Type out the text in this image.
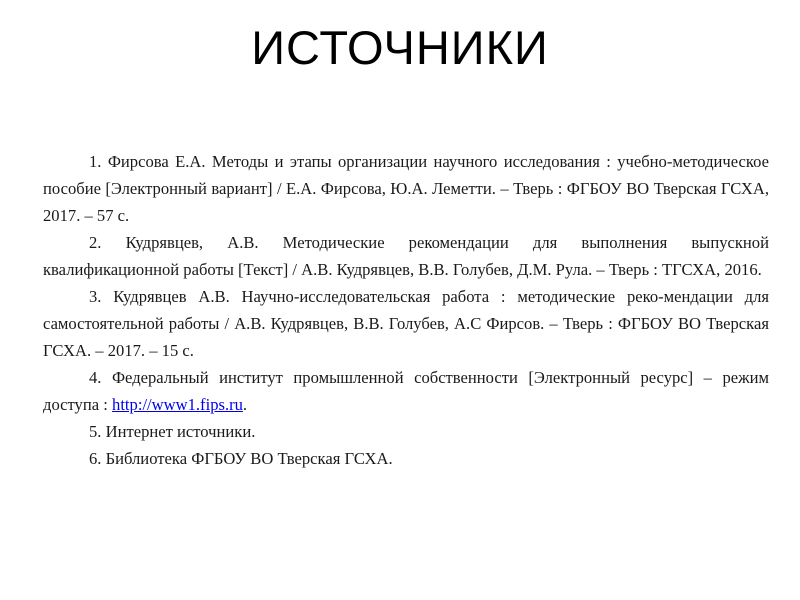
ИСТОЧНИКИ

1. Фирсова Е.А. Методы и этапы организации научного исследования : учебно-методическое пособие [Электронный вариант] / Е.А. Фирсова, Ю.А. Леметти. – Тверь : ФГБОУ ВО Тверская ГСХА, 2017. – 57 с.

2. Кудрявцев, А.В. Методические рекомендации для выполнения выпускной квалификационной работы [Текст] / А.В. Кудрявцев, В.В. Голубев, Д.М. Рула. – Тверь : ТГСХА, 2016.

3. Кудрявцев А.В. Научно-исследовательская работа : методические реко-мендации для самостоятельной работы / А.В. Кудрявцев, В.В. Голубев, А.С Фирсов. – Тверь : ФГБОУ ВО Тверская ГСХА. – 2017. – 15 с.

4. Федеральный институт промышленной собственности [Электронный ресурс] – режим доступа : http://www1.fips.ru.

5. Интернет источники.

6. Библиотека ФГБОУ ВО Тверская ГСХА.
